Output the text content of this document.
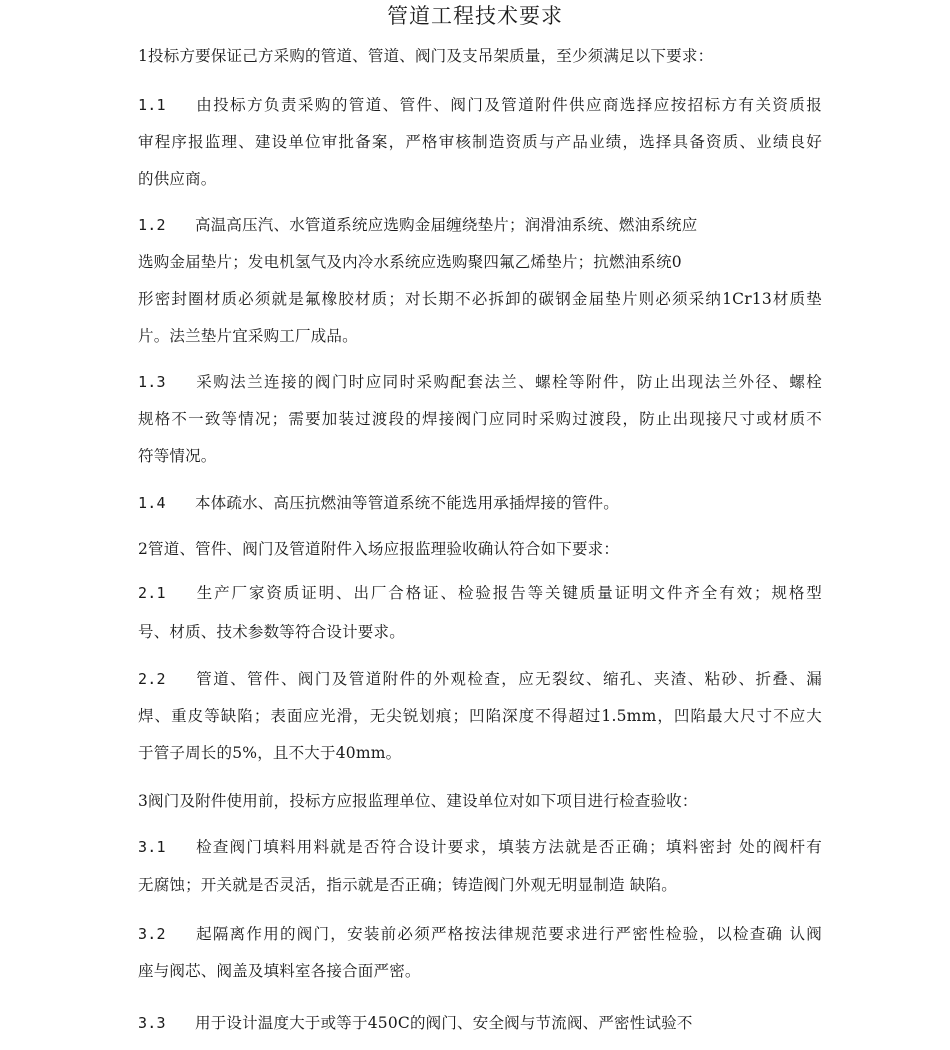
管道工程技术要求
1投标方要保证己方采购的管道、管道、阀门及支吊架质量，至少须满足以下要求：
1.1 由投标方负责采购的管道、管件、阀门及管道附件供应商选择应按招标方有关资质报
审程序报监理、建设单位审批备案，严格审核制造资质与产品业绩，选择具备资质、业绩良好
的供应商。
1.2 高温高压汽、水管道系统应选购金届缠绕垫片；润滑油系统、燃油系统应
选购金届垫片；发电机氢气及内冷水系统应选购聚四氟乙烯垫片；抗燃油系统0
形密封圈材质必须就是氟橡胶材质；对长期不必拆卸的碳钢金届垫片则必须采纳1Cr13材质垫
片。法兰垫片宜采购工厂成品。
1.3 采购法兰连接的阀门时应同时采购配套法兰、螺栓等附件，防止出现法兰外径、螺栓
规格不一致等情况；需要加装过渡段的焊接阀门应同时采购过渡段，防止出现接尺寸或材质不
符等情况。
1.4 本体疏水、高压抗燃油等管道系统不能选用承插焊接的管件。
2管道、管件、阀门及管道附件入场应报监理验收确认符合如下要求：
2.1 生产厂家资质证明、出厂合格证、检验报告等关键质量证明文件齐全有效；规格型
号、材质、技术参数等符合设计要求。
2.2 管道、管件、阀门及管道附件的外观检查，应无裂纹、缩孔、夹渣、粘砂、折叠、漏
焊、重皮等缺陷；表面应光滑，无尖锐划痕；凹陷深度不得超过1.5mm，凹陷最大尺寸不应大
于管子周长的5%，且不大于40mm。
3阀门及附件使用前，投标方应报监理单位、建设单位对如下项目进行检查验收：
3.1 检查阀门填料用料就是否符合设计要求，填装方法就是否正确；填料密封 处的阀杆有
无腐蚀；开关就是否灵活，指示就是否正确；铸造阀门外观无明显制造 缺陷。
3.2 起隔离作用的阀门，安装前必须严格按法律规范要求进行严密性检验，以检查确 认阀
座与阀芯、阀盖及填料室各接合面严密。
3.3 用于设计温度大于或等于450C的阀门、安全阀与节流阀、严密性试验不
